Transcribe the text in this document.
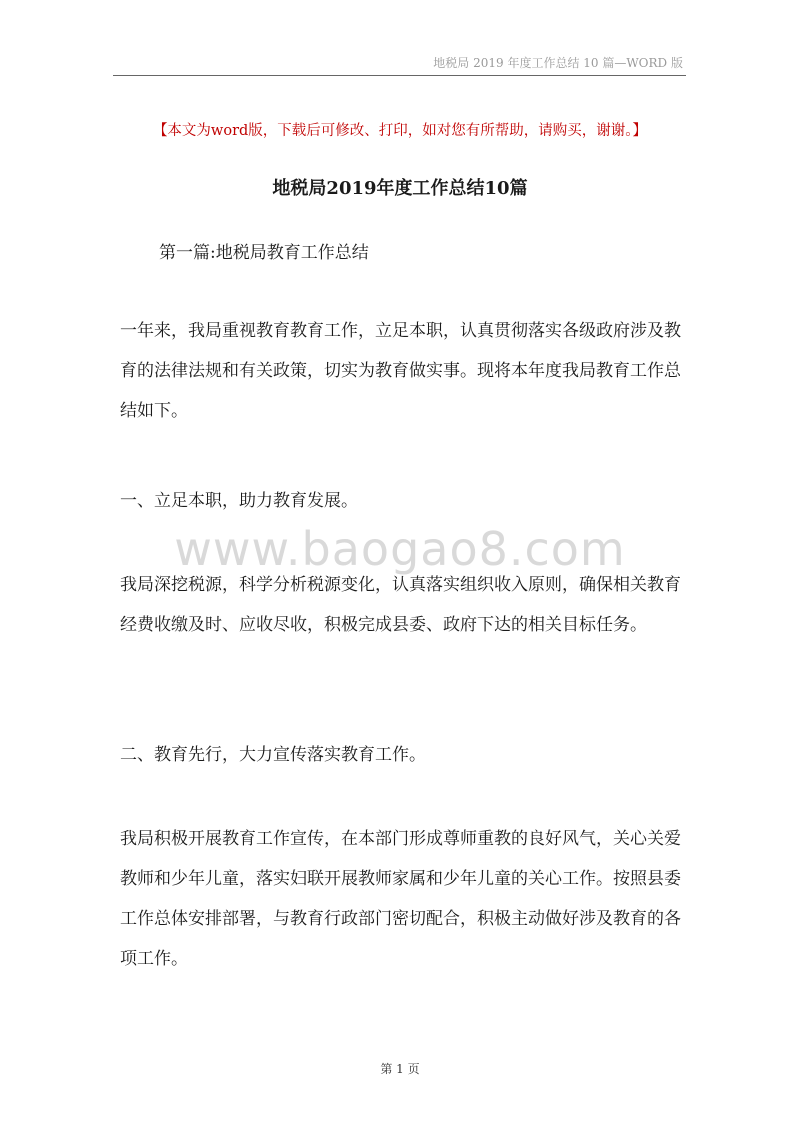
地税局 2019 年度工作总结 10 篇—WORD 版
【本文为word版，下载后可修改、打印，如对您有所帮助，请购买，谢谢。】
地税局2019年度工作总结10篇
第一篇:地税局教育工作总结

一年来，我局重视教育教育工作，立足本职，认真贯彻落实各级政府涉及教育的法律法规和有关政策，切实为教育做实事。现将本年度我局教育工作总结如下。

一、立足本职，助力教育发展。

www.baogao8.com

我局深挖税源，科学分析税源变化，认真落实组织收入原则，确保相关教育经费收缴及时、应收尽收，积极完成县委、政府下达的相关目标任务。

二、教育先行，大力宣传落实教育工作。

我局积极开展教育工作宣传，在本部门形成尊师重教的良好风气，关心关爱教师和少年儿童，落实妇联开展教师家属和少年儿童的关心工作。按照县委工作总体安排部署，与教育行政部门密切配合，积极主动做好涉及教育的各项工作。

第 1 页
